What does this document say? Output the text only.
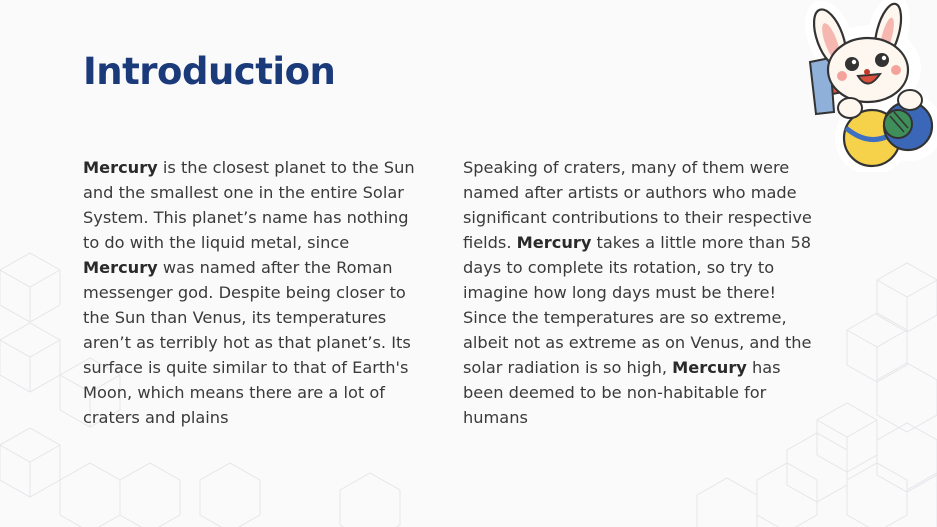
Introduction

Mercury is the closest planet to the Sun and the smallest one in the entire Solar System. This planet’s name has nothing to do with the liquid metal, since Mercury was named after the Roman messenger god. Despite being closer to the Sun than Venus, its temperatures aren’t as terribly hot as that planet’s. Its surface is quite similar to that of Earth's Moon, which means there are a lot of craters and plains

Speaking of craters, many of them were named after artists or authors who made significant contributions to their respective fields. Mercury takes a little more than 58 days to complete its rotation, so try to imagine how long days must be there! Since the temperatures are so extreme, albeit not as extreme as on Venus, and the solar radiation is so high, Mercury has been deemed to be non-habitable for humans
